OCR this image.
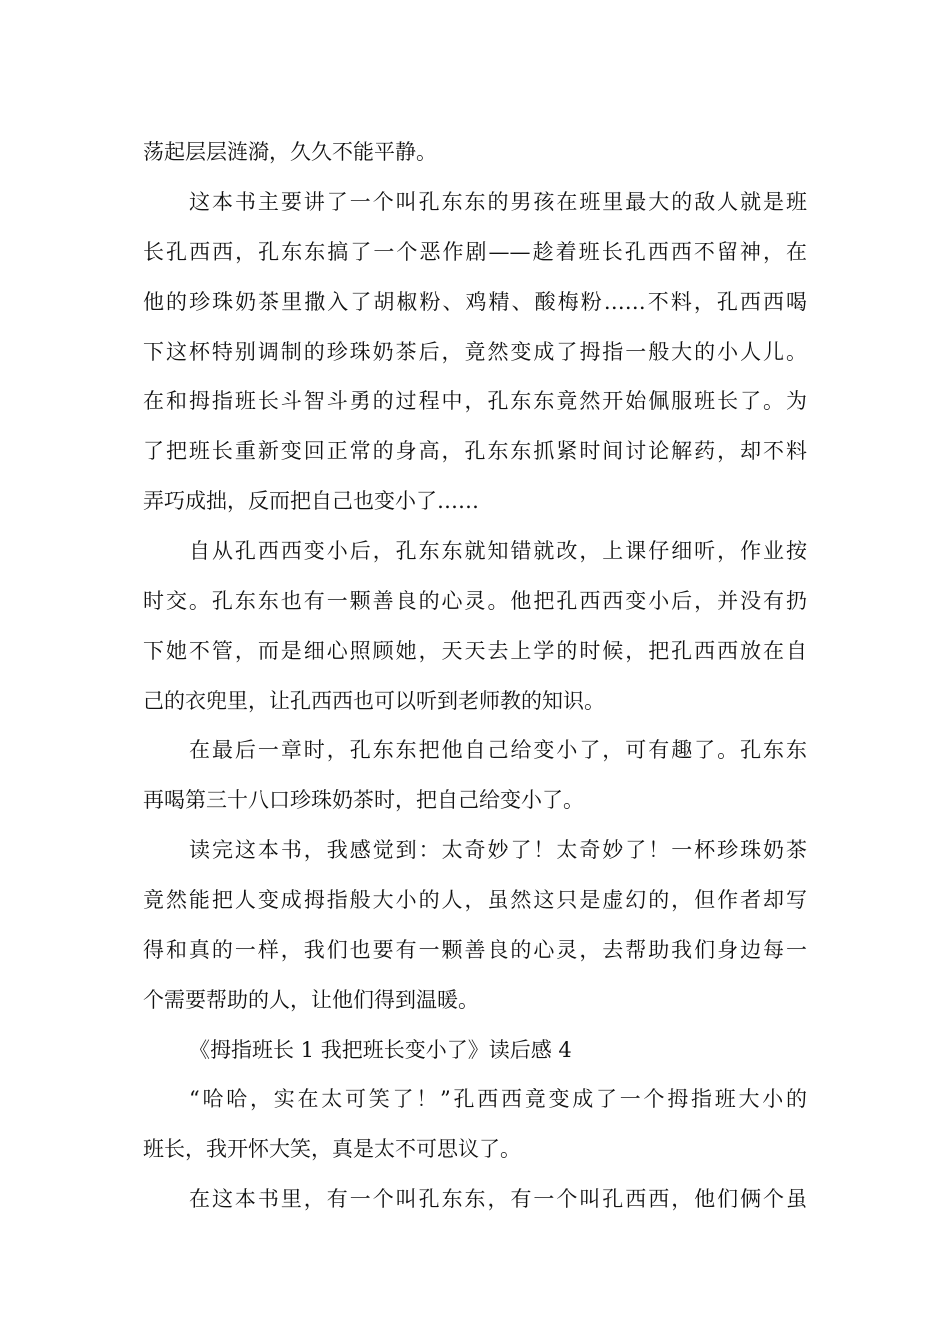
荡起层层涟漪，久久不能平静。
这本书主要讲了一个叫孔东东的男孩在班里最大的敌人就是班
长孔西西，孔东东搞了一个恶作剧——趁着班长孔西西不留神，在
他的珍珠奶茶里撒入了胡椒粉、鸡精、酸梅粉……不料，孔西西喝
下这杯特别调制的珍珠奶茶后，竟然变成了拇指一般大的小人儿。
在和拇指班长斗智斗勇的过程中，孔东东竟然开始佩服班长了。为
了把班长重新变回正常的身高，孔东东抓紧时间讨论解药，却不料
弄巧成拙，反而把自己也变小了……
自从孔西西变小后，孔东东就知错就改，上课仔细听，作业按
时交。孔东东也有一颗善良的心灵。他把孔西西变小后，并没有扔
下她不管，而是细心照顾她，天天去上学的时候，把孔西西放在自
己的衣兜里，让孔西西也可以听到老师教的知识。
在最后一章时，孔东东把他自己给变小了，可有趣了。孔东东
再喝第三十八口珍珠奶茶时，把自己给变小了。
读完这本书，我感觉到：太奇妙了！太奇妙了！一杯珍珠奶茶
竟然能把人变成拇指般大小的人，虽然这只是虚幻的，但作者却写
得和真的一样，我们也要有一颗善良的心灵，去帮助我们身边每一
个需要帮助的人，让他们得到温暖。
《拇指班长 1 我把班长变小了》读后感 4
“哈哈，实在太可笑了！”孔西西竟变成了一个拇指班大小的
班长，我开怀大笑，真是太不可思议了。
在这本书里，有一个叫孔东东，有一个叫孔西西，他们俩个虽
